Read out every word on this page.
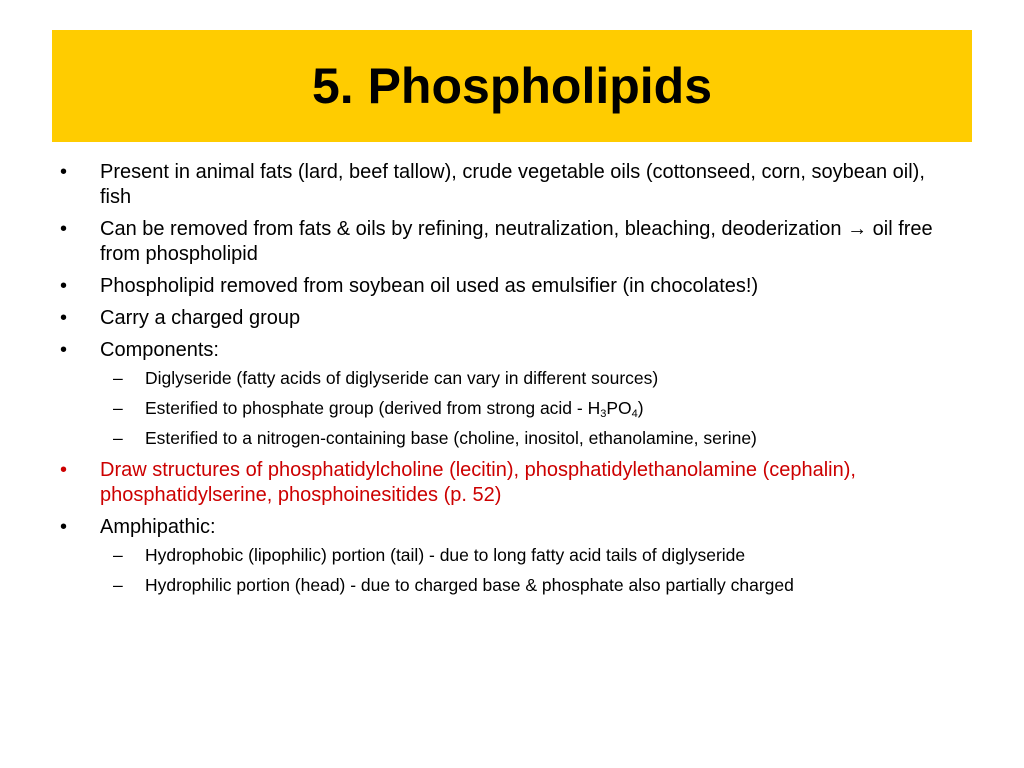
5. Phospholipids
• Present in animal fats (lard, beef tallow), crude vegetable oils (cottonseed, corn, soybean oil), fish
• Can be removed from fats & oils by refining, neutralization, bleaching, deoderization → oil free from phospholipid
• Phospholipid removed from soybean oil used as emulsifier (in chocolates!)
• Carry a charged group
• Components:
– Diglyseride (fatty acids of diglyseride can vary in different sources)
– Esterified to phosphate group (derived from strong acid - $H_3PO_4$)
– Esterified to a nitrogen-containing base (choline, inositol, ethanolamine, serine)
• Draw structures of phosphatidylcholine (lecitin), phosphatidylethanolamine (cephalin), phosphatidylserine, phosphoinesitides (p. 52)
• Amphipathic:
– Hydrophobic (lipophilic) portion (tail) - due to long fatty acid tails of diglyseride
– Hydrophilic portion (head) - due to charged base & phosphate also partially charged
